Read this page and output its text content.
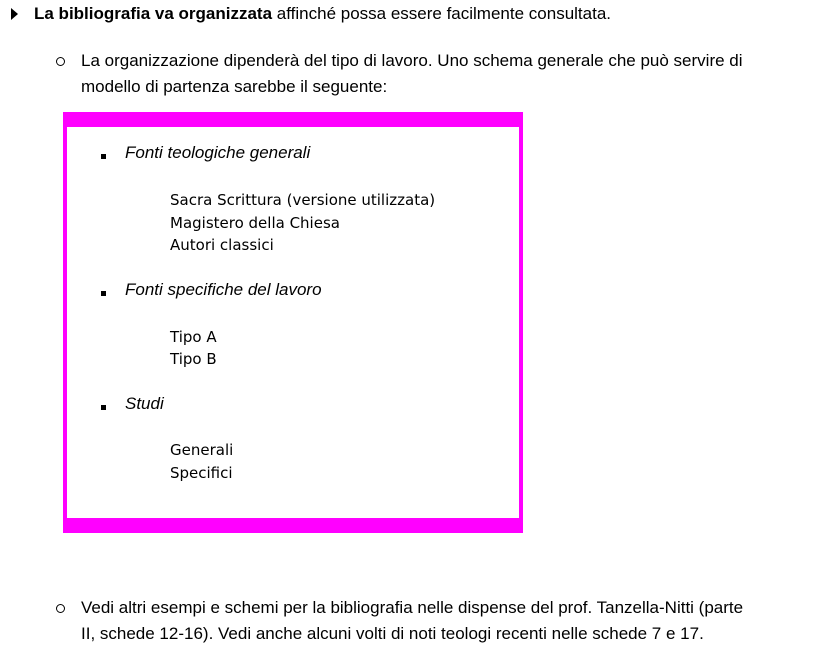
La bibliografia va organizzata affinché possa essere facilmente consultata.
La organizzazione dipenderà del tipo di lavoro. Uno schema generale che può servire di
modello di partenza sarebbe il seguente:
Fonti teologiche generali
Sacra Scrittura (versione utilizzata)
Magistero della Chiesa
Autori classici
Fonti specifiche del lavoro
Tipo A
Tipo B
Studi
Generali
Specifici
Vedi altri esempi e schemi per la bibliografia nelle dispense del prof. Tanzella-Nitti (parte
II, schede 12-16). Vedi anche alcuni volti di noti teologi recenti nelle schede 7 e 17.
